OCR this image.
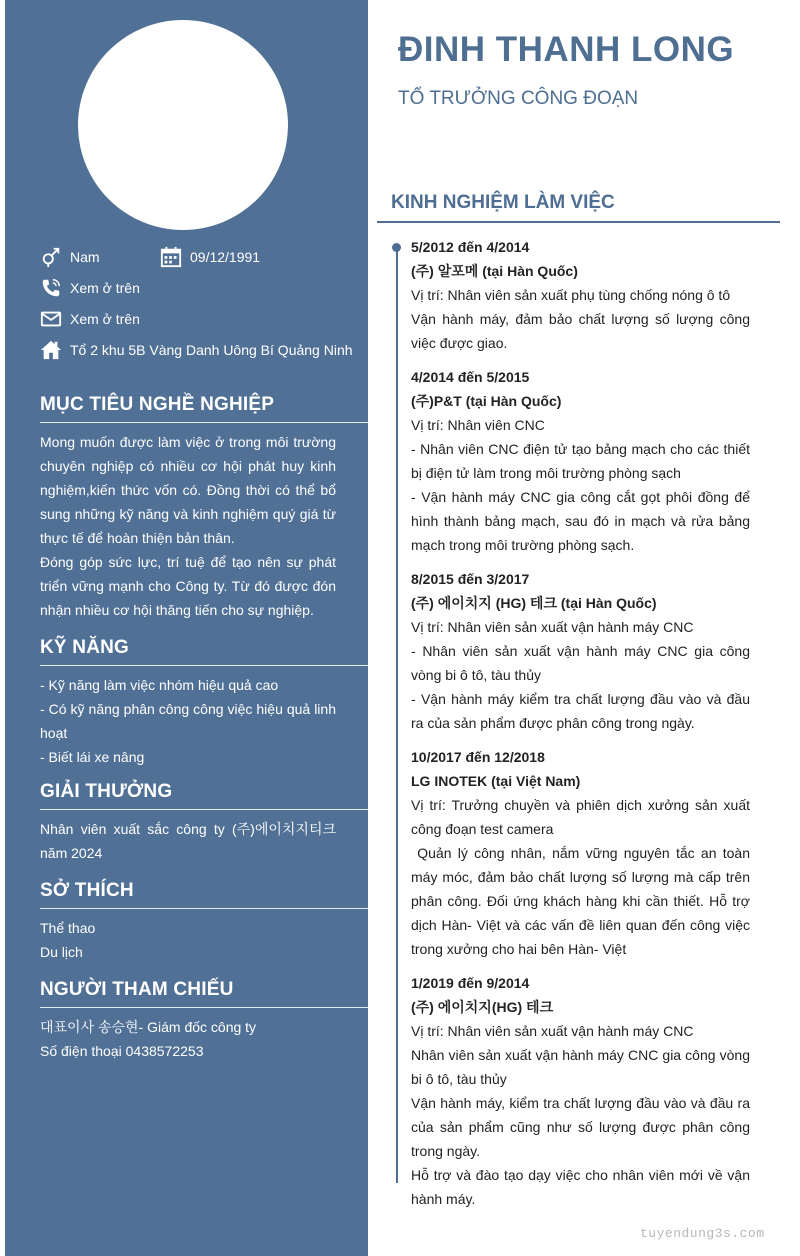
Nam	09/12/1991
Xem ở trên
Xem ở trên
Tổ 2 khu 5B Vàng Danh Uông Bí Quảng Ninh
MỤC TIÊU NGHỀ NGHIỆP

Mong muốn được làm việc ở trong môi trường chuyên nghiệp có nhiều cơ hội phát huy kinh nghiệm,kiến thức vốn có. Đồng thời có thể bổ sung những kỹ năng và kinh nghiệm quý giá từ thực tế để hoàn thiện bản thân.

Đóng góp sức lực, trí tuệ để tạo nên sự phát triển vững mạnh cho Công ty. Từ đó được đón nhận nhiều cơ hội thăng tiến cho sự nghiệp.

KỸ NĂNG

- Kỹ năng làm việc nhóm hiệu quả cao

- Có kỹ năng phân công công việc hiệu quả linh hoạt

- Biết lái xe nâng

GIẢI THƯỞNG

Nhân viên xuất sắc công ty (주)에이치지티크 năm 2024

SỞ THÍCH

Thể thao

Du lịch

NGƯỜI THAM CHIẾU

대표이사 송승현- Giám đốc công ty

Số điện thoại 0438572253

ĐINH THANH LONG
TỔ TRƯỞNG CÔNG ĐOẠN
KINH NGHIỆM LÀM VIỆC

5/2012 đến 4/2014

(주) 알포메 (tại Hàn Quốc)

Vị trí: Nhân viên sản xuất phụ tùng chống nóng ô tô

Vận hành máy, đảm bảo chất lượng số lượng công việc được giao.

4/2014 đến 5/2015

(주)P&T (tại Hàn Quốc)

Vị trí: Nhân viên CNC

- Nhân viên CNC điện tử tạo bảng mạch cho các thiết bị điện tử làm trong môi trường phòng sạch

- Vận hành máy CNC gia công cắt gọt phôi đồng để hình thành bảng mạch, sau đó in mạch và rửa bảng mạch trong môi trường phòng sạch.

8/2015 đến 3/2017

(주) 에이치지 (HG) 테크 (tại Hàn Quốc)

Vị trí: Nhân viên sản xuất vận hành máy CNC

- Nhân viên sản xuất vận hành máy CNC gia công vòng bi ô tô, tàu thủy

- Vận hành máy kiểm tra chất lượng đầu vào và đầu ra của sản phẩm được phân công trong ngày.

10/2017 đến 12/2018

LG INOTEK (tại Việt Nam)

Vị trí: Trưởng chuyền và phiên dịch xưởng sản xuất công đoạn test camera

Quản lý công nhân, nắm vững nguyên tắc an toàn máy móc, đảm bảo chất lượng số lượng mà cấp trên phân công. Đối ứng khách hàng khi cần thiết. Hỗ trợ dịch Hàn- Việt và các vấn đề liên quan đến công việc trong xưởng cho hai bên Hàn- Việt

1/2019 đến 9/2014

(주) 에이치지(HG) 테크

Vị trí: Nhân viên sản xuất vận hành máy CNC

Nhân viên sản xuất vận hành máy CNC gia công vòng bi ô tô, tàu thủy

Vận hành máy, kiểm tra chất lượng đầu vào và đầu ra của sản phẩm cũng như số lượng được phân công trong ngày.

Hỗ trợ và đào tạo dạy việc cho nhân viên mới về vận hành máy.

tuyendung3s.com
